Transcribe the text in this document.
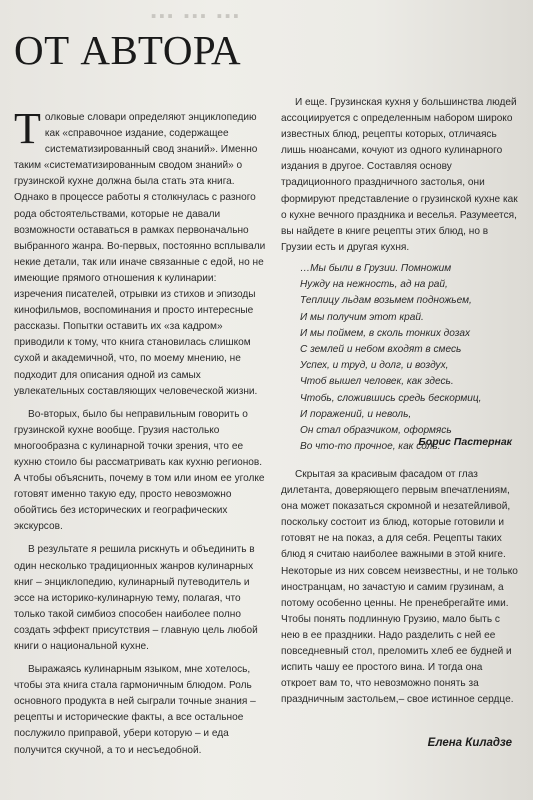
... ... ...
ОТ АВТОРА

Толковые словари определяют энциклопедию как «справочное издание, содержащее систематизированный свод знаний». Именно таким «систематизированным сводом знаний» о грузинской кухне должна была стать эта книга. Однако в процессе работы я столкнулась с разного рода обстоятельствами, которые не давали возможности оставаться в рамках первоначально выбранного жанра. Во-первых, постоянно всплывали некие детали, так или иначе связанные с едой, но не имеющие прямого отношения к кулинарии: изречения писателей, отрывки из стихов и эпизоды кинофильмов, воспоминания и просто интересные рассказы. Попытки оставить их «за кадром» приводили к тому, что книга становилась слишком сухой и академичной, что, по моему мнению, не подходит для описания одной из самых увлекательных составляющих человеческой жизни.

Во-вторых, было бы неправильным говорить о грузинской кухне вообще. Грузия настолько многообразна с кулинарной точки зрения, что ее кухню стоило бы рассматривать как кухню регионов. А чтобы объяснить, почему в том или ином ее уголке готовят именно такую еду, просто невозможно обойтись без исторических и географических экскурсов.

В результате я решила рискнуть и объединить в один несколько традиционных жанров кулинарных книг – энциклопедию, кулинарный путеводитель и эссе на историко-кулинарную тему, полагая, что только такой симбиоз способен наиболее полно создать эффект присутствия – главную цель любой книги о национальной кухне.

Выражаясь кулинарным языком, мне хотелось, чтобы эта книга стала гармоничным блюдом. Роль основного продукта в ней сыграли точные знания – рецепты и исторические факты, а все остальное послужило приправой, убери которую – и еда получится скучной, а то и несъедобной.

И еще. Грузинская кухня у большинства людей ассоциируется с определенным набором широко известных блюд, рецепты которых, отличаясь лишь нюансами, кочуют из одного кулинарного издания в другое. Составляя основу традиционного праздничного застолья, они формируют представление о грузинской кухне как о кухне вечного праздника и веселья. Разумеется, вы найдете в книге рецепты этих блюд, но в Грузии есть и другая кухня.

…Мы были в Грузии. Помножим
Нужду на нежность, ад на рай,
Теплицу льдам возьмем подножьем,
И мы получим этот край.
И мы поймем, в сколь тонких дозах
С землей и небом входят в смесь
Успех, и труд, и долг, и воздух,
Чтоб вышел человек, как здесь.
Чтобь, сложившись средь бескормиц,
И поражений, и неволь,
Он стал образчиком, оформясь
Во что-то прочное, как соль.
Борис Пастернак

Скрытая за красивым фасадом от глаз дилетанта, доверяющего первым впечатлениям, она может показаться скромной и незатейливой, поскольку состоит из блюд, которые готовили и готовят не на показ, а для себя. Рецепты таких блюд я считаю наиболее важными в этой книге. Некоторые из них совсем неизвестны, и не только иностранцам, но зачастую и самим грузинам, а потому особенно ценны. Не пренебрегайте ими. Чтобы понять подлинную Грузию, мало быть с нею в ее праздники. Надо разделить с ней ее повседневный стол, преломить хлеб ее будней и испить чашу ее простого вина. И тогда она откроет вам то, что невозможно понять за праздничным застольем,– свое истинное сердце.

Елена Киладзе
